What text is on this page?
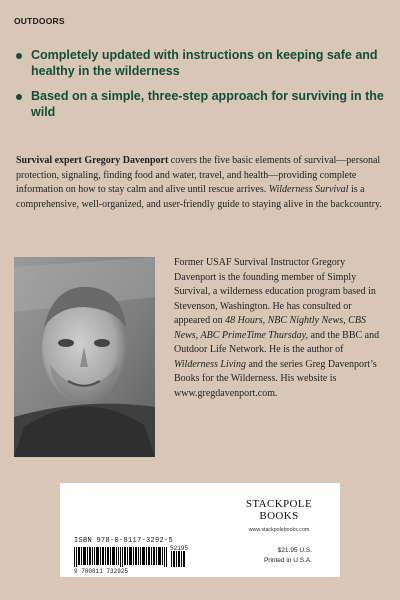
OUTDOORS
Completely updated with instructions on keeping safe and healthy in the wilderness
Based on a simple, three-step approach for surviving in the wild
Survival expert Gregory Davenport covers the five basic elements of survival—personal protection, signaling, finding food and water, travel, and health—providing complete information on how to stay calm and alive until rescue arrives. Wilderness Survival is a comprehensive, well-organized, and user-friendly guide to staying alive in the backcountry.
Former USAF Survival Instructor Gregory Davenport is the founding member of Simply Survival, a wilderness education program based in Stevenson, Washington. He has consulted or appeared on 48 Hours, NBC Nightly News, CBS News, ABC PrimeTime Thursday, and the BBC and Outdoor Life Network. He is the author of Wilderness Living and the series Greg Davenport’s Books for the Wilderness. His website is www.gregdavenport.com.
ISBN 978-0-8117-3292-5
9 780811 732925
52195
STACKPOLE
BOOKS
www.stackpolebooks.com
$21.95 U.S.
Printed in U.S.A.
